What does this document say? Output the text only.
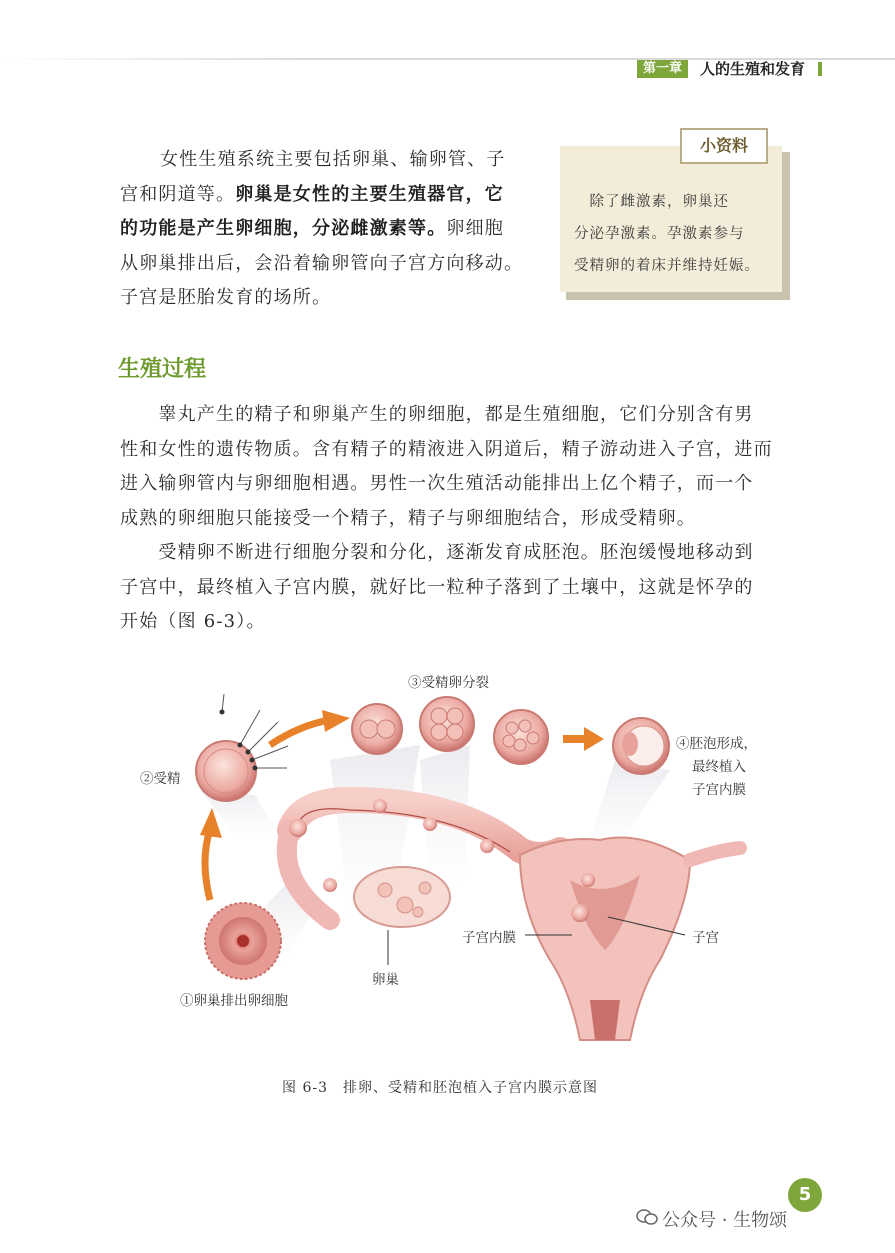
第一章	人的生殖和发育
女性生殖系统主要包括卵巢、输卵管、子
宫和阴道等。卵巢是女性的主要生殖器官，它
的功能是产生卵细胞，分泌雌激素等。卵细胞
从卵巢排出后，会沿着输卵管向子宫方向移动。
子宫是胚胎发育的场所。
小资料
　除了雌激素，卵巢还
分泌孕激素。孕激素参与
受精卵的着床并维持妊娠。
生殖过程
　　睾丸产生的精子和卵巢产生的卵细胞，都是生殖细胞，它们分别含有男
性和女性的遗传物质。含有精子的精液进入阴道后，精子游动进入子宫，进而
进入输卵管内与卵细胞相遇。男性一次生殖活动能排出上亿个精子，而一个
成熟的卵细胞只能接受一个精子，精子与卵细胞结合，形成受精卵。
　　受精卵不断进行细胞分裂和分化，逐渐发育成胚泡。胚泡缓慢地移动到
子宫中，最终植入子宫内膜，就好比一粒种子落到了土壤中，这就是怀孕的
开始（图 6-3）。
③受精卵分裂
②受精
④胚泡形成，
最终植入
子宫内膜
①卵巢排出卵细胞
卵巢
子宫内膜	子宫
图 6-3　排卵、受精和胚泡植入子宫内膜示意图
5
公众号 · 生物颂
